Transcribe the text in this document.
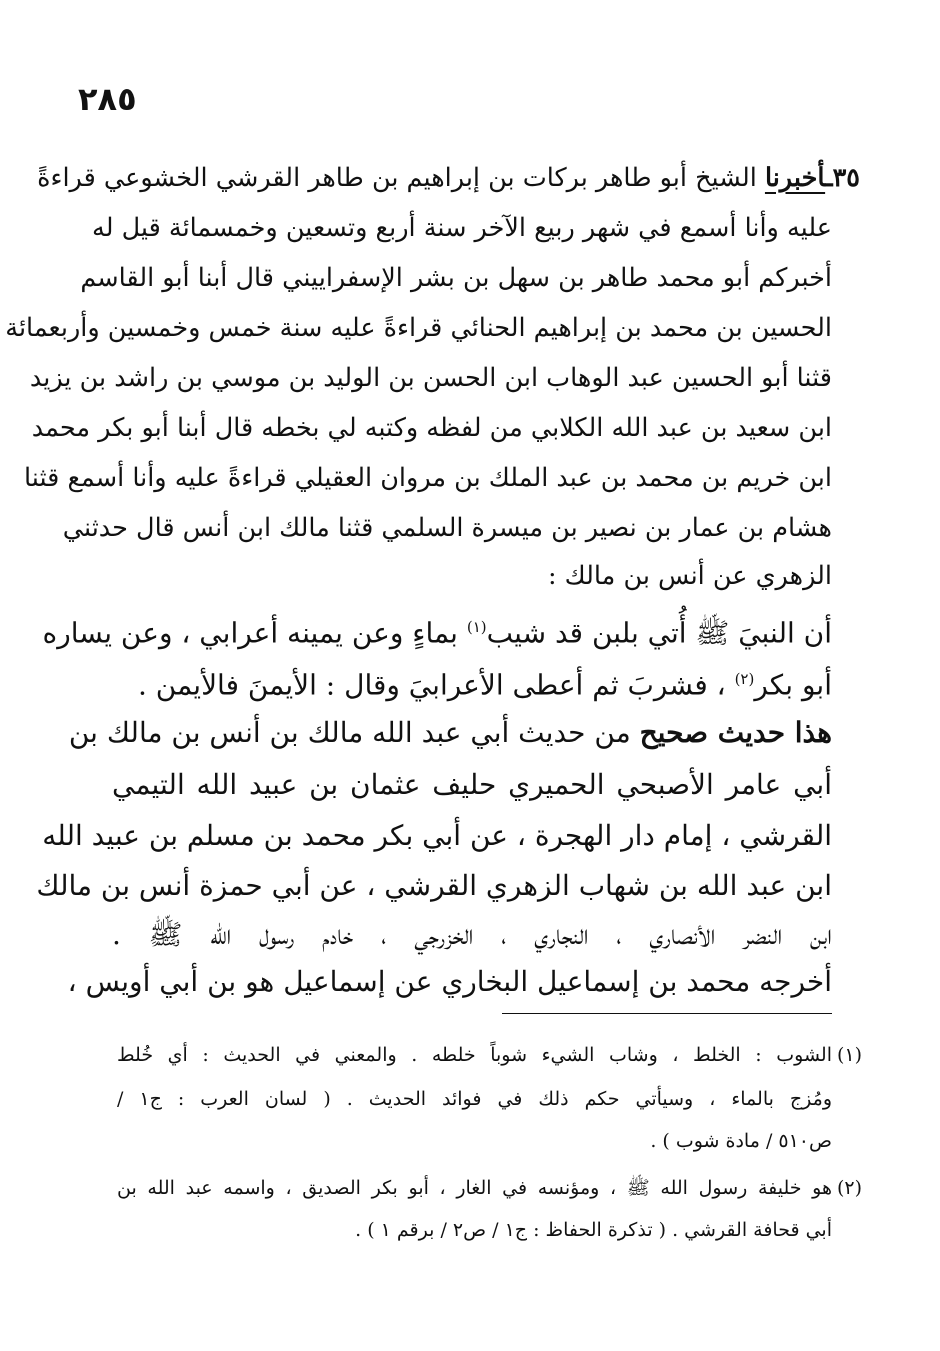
٢٨٥
٣٥ـأخبرنا الشيخ أبو طاهر بركات بن إبراهيم بن طاهر القرشي الخشوعي قراءةً
عليه وأنا أسمع في شهر ربيع الآخر سنة أربع وتسعين وخمسمائة قيل له
أخبركم أبو محمد طاهر بن سهل بن بشر الإسفراييني قال أبنا أبو القاسم
الحسين بن محمد بن إبراهيم الحنائي قراءةً عليه سنة خمس وخمسين وأربعمائة
قثنا أبو الحسين عبد الوهاب ابن الحسن بن الوليد بن موسي بن راشد بن يزيد
ابن سعيد بن عبد الله الكلابي من لفظه وكتبه لي بخطه قال أبنا أبو بكر محمد
ابن خريم بن محمد بن عبد الملك بن مروان العقيلي قراءةً عليه وأنا أسمع قثنا
هشام بن عمار بن نصير بن ميسرة السلمي قثنا مالك ابن أنس قال حدثني
الزهري عن أنس بن مالك :
أن النبيَ ﷺ أُتي بلبن قد شيب$^{(١)}$ بماءٍ وعن يمينه أعرابي ، وعن يساره
أبو بكر$^{(٢)}$ ، فشربَ ثم أعطى الأعرابيَ وقال : الأيمنَ فالأيمن .
هذا حديث صحيح من حديث أبي عبد الله مالك بن أنس بن مالك بن
أبي عامر الأصبحي الحميري حليف عثمان بن عبيد الله التيمي
القرشي ، إمام دار الهجرة ، عن أبي بكر محمد بن مسلم بن عبيد الله
ابن عبد الله بن شهاب الزهري القرشي ، عن أبي حمزة أنس بن مالك
ابن النضر الأنصاري ، النجاري ، الخزرجي ، خادم رسول الله ﷺ .
أخرجه محمد بن إسماعيل البخاري عن إسماعيل هو بن أبي أويس ،
(١)
الشوب : الخلط ، وشاب الشيء شوباً خلطه . والمعني في الحديث : أي خُلط
ومُزج بالماء ، وسيأتي حكم ذلك في فوائد الحديث . ( لسان العرب : ج١ /
ص٥١٠ / مادة شوب ) .
(٢)
هو خليفة رسول الله ﷺ ، ومؤنسه في الغار ، أبو بكر الصديق ، واسمه عبد الله بن
أبي قحافة القرشي . ( تذكرة الحفاظ : ج١ / ص٢ / برقم ١ ) .
